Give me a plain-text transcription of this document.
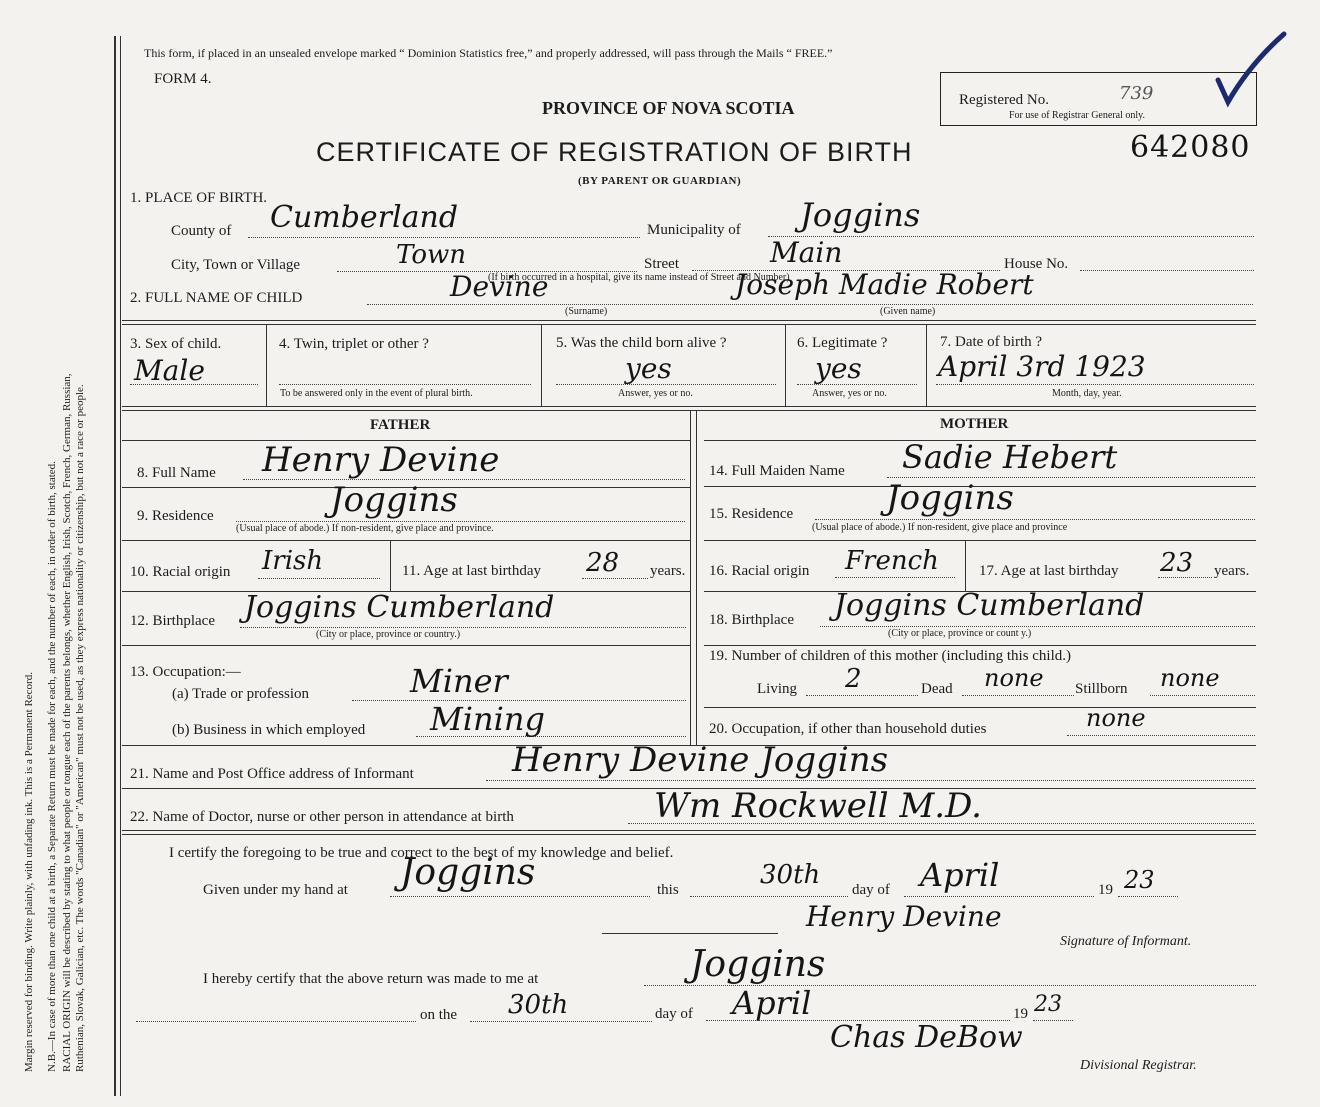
Margin reserved for binding. Write plainly, with unfading ink. This is a Permanent Record. N.B.—In case of more than one child at a birth, a Separate Return must be made for each, and the number of each, in order of birth, stated. RACIAL ORIGIN will be described by stating to what people or tongue each of the parents belongs, whether English, Irish, Scotch, French, German, Russian, Ruthenian, Slovak, Galician, etc. The words "Canadian" or "American" must not be used, as they express nationality or citizenship, but not a race or people.
This form, if placed in an unsealed envelope marked “ Dominion Statistics free,” and properly addressed, will pass through the Mails “ FREE.”
FORM 4.
PROVINCE OF NOVA SCOTIA
CERTIFICATE OF REGISTRATION OF BIRTH
(BY PARENT OR GUARDIAN)
Registered No.	739
For use of Registrar General only.
642080
1. PLACE OF BIRTH.
County of Cumberland	Municipality of Joggins
City, Town or Village	Town	Street	Main	House No.
(If birth occurred in a hospital, give its name instead of Street and Number)
2. FULL NAME OF CHILD	Devine	Joseph Madie Robert
(Surname)	(Given name)
3. Sex of child.
Male
4. Twin, triplet or other ?
To be answered only in the event of plural birth.
5. Was the child born alive ?
yes
Answer, yes or no.
6. Legitimate ?
yes
Answer, yes or no.
7. Date of birth ?
April 3rd 1923
Month, day, year.
FATHER	MOTHER
8. Full Name Henry Devine
9. Residence	Joggins
(Usual place of abode.) If non-resident, give place and province.
10. Racial origin Irish	11. Age at last birthday 28 years.
12. Birthplace Joggins Cumberland
(City or place, province or country.)
13. Occupation:—
(a) Trade or profession	Miner
(b) Business in which employed Mining
14. Full Maiden Name Sadie Hebert
15. Residence	Joggins
(Usual place of abode.) If non-resident, give place and province
16. Racial origin French	17. Age at last birthday 23 years.
18. Birthplace Joggins Cumberland
(City or place, province or count y.)
19. Number of children of this mother (including this child.)
Living 2	Dead none Stillborn none
20. Occupation, if other than household duties	none
21. Name and Post Office address of Informant	Henry Devine Joggins
22. Name of Doctor, nurse or other person in attendance at birth	Wm Rockwell M.D.
I certify the foregoing to be true and correct to the best of my knowledge and belief.
Given under my hand at Joggins	this	30th day of April	19 23
Henry Devine
Signature of Informant.
I hereby certify that the above return was made to me at	Joggins
on the 30th	day of April	19 23
Chas DeBow
Divisional Registrar.
